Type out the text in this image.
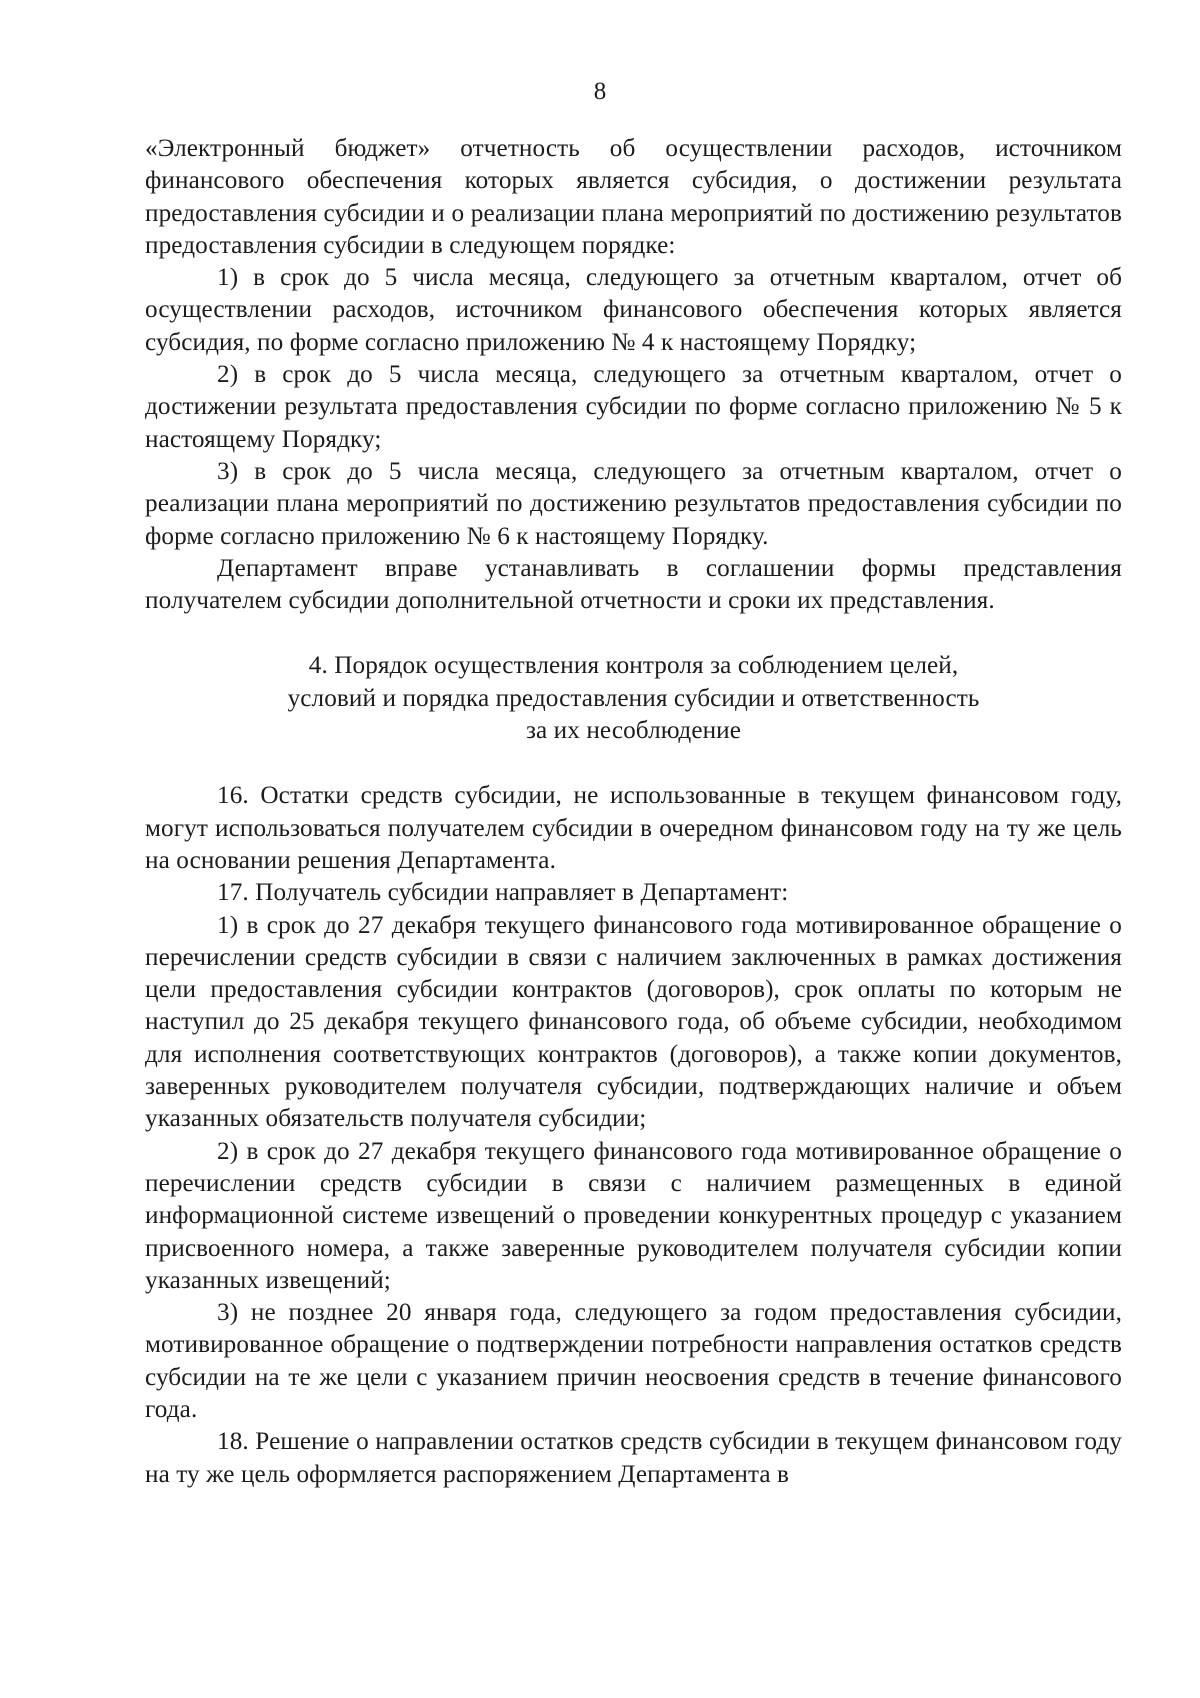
8

«Электронный бюджет» отчетность об осуществлении расходов, источником финансового обеспечения которых является субсидия, о достижении результата предоставления субсидии и о реализации плана мероприятий по достижению результатов предоставления субсидии в следующем порядке:

1) в срок до 5 числа месяца, следующего за отчетным кварталом, отчет об осуществлении расходов, источником финансового обеспечения которых является субсидия, по форме согласно приложению № 4 к настоящему Порядку;

2) в срок до 5 числа месяца, следующего за отчетным кварталом, отчет о достижении результата предоставления субсидии по форме согласно приложению № 5 к настоящему Порядку;

3) в срок до 5 числа месяца, следующего за отчетным кварталом, отчет о реализации плана мероприятий по достижению результатов предоставления субсидии по форме согласно приложению № 6 к настоящему Порядку.

Департамент вправе устанавливать в соглашении формы представления получателем субсидии дополнительной отчетности и сроки их представления.

4. Порядок осуществления контроля за соблюдением целей,
условий и порядка предоставления субсидии и ответственность
за их несоблюдение

16. Остатки средств субсидии, не использованные в текущем финансовом году, могут использоваться получателем субсидии в очередном финансовом году на ту же цель на основании решения Департамента.

17. Получатель субсидии направляет в Департамент:

1) в срок до 27 декабря текущего финансового года мотивированное обращение о перечислении средств субсидии в связи с наличием заключенных в рамках достижения цели предоставления субсидии контрактов (договоров), срок оплаты по которым не наступил до 25 декабря текущего финансового года, об объеме субсидии, необходимом для исполнения соответствующих контрактов (договоров), а также копии документов, заверенных руководителем получателя субсидии, подтверждающих наличие и объем указанных обязательств получателя субсидии;

2) в срок до 27 декабря текущего финансового года мотивированное обращение о перечислении средств субсидии в связи с наличием размещенных в единой информационной системе извещений о проведении конкурентных процедур с указанием присвоенного номера, а также заверенные руководителем получателя субсидии копии указанных извещений;

3) не позднее 20 января года, следующего за годом предоставления субсидии, мотивированное обращение о подтверждении потребности направления остатков средств субсидии на те же цели с указанием причин неосвоения средств в течение финансового года.

18. Решение о направлении остатков средств субсидии в текущем финансовом году на ту же цель оформляется распоряжением Департамента в
